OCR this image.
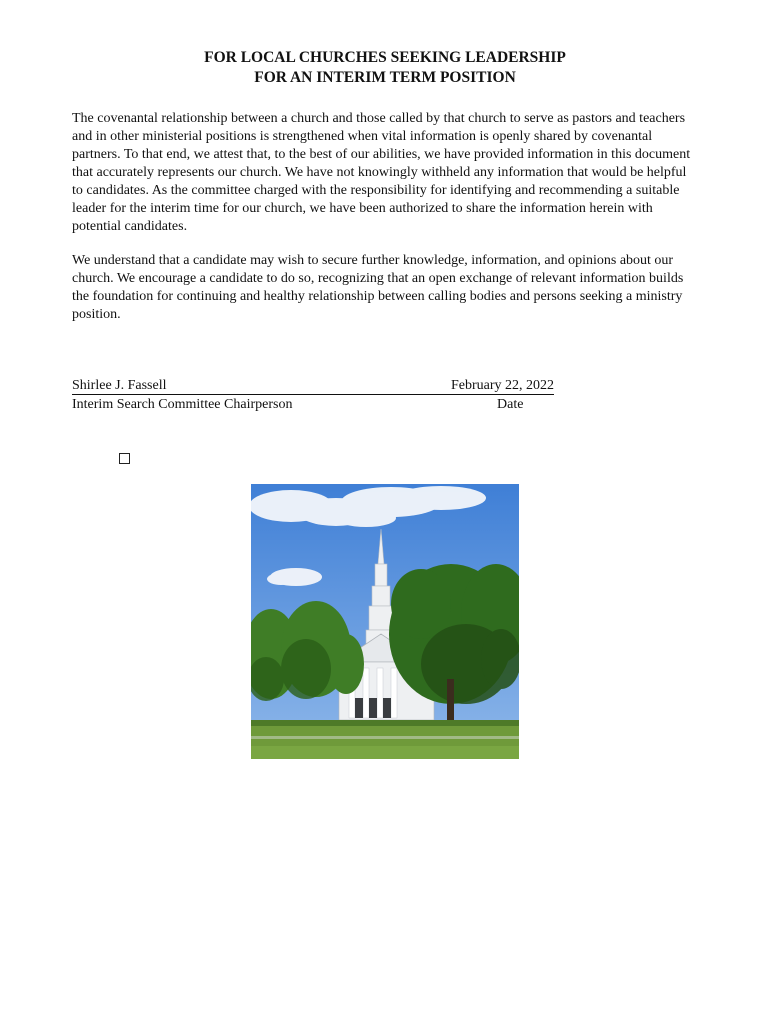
FOR LOCAL CHURCHES SEEKING LEADERSHIP
FOR AN INTERIM TERM POSITION

The covenantal relationship between a church and those called by that church to serve as pastors and teachers and in other ministerial positions is strengthened when vital information is openly shared by covenantal partners. To that end, we attest that, to the best of our abilities, we have provided information in this document that accurately represents our church. We have not knowingly withheld any information that would be helpful to candidates. As the committee charged with the responsibility for identifying and recommending a suitable leader for the interim time for our church, we have been authorized to share the information herein with potential candidates.

We understand that a candidate may wish to secure further knowledge, information, and opinions about our church. We encourage a candidate to do so, recognizing that an open exchange of relevant information builds the foundation for continuing and healthy relationship between calling bodies and persons seeking a ministry position.

Shirlee J. Fassell	February 22, 2022
Interim Search Committee Chairperson	Date
